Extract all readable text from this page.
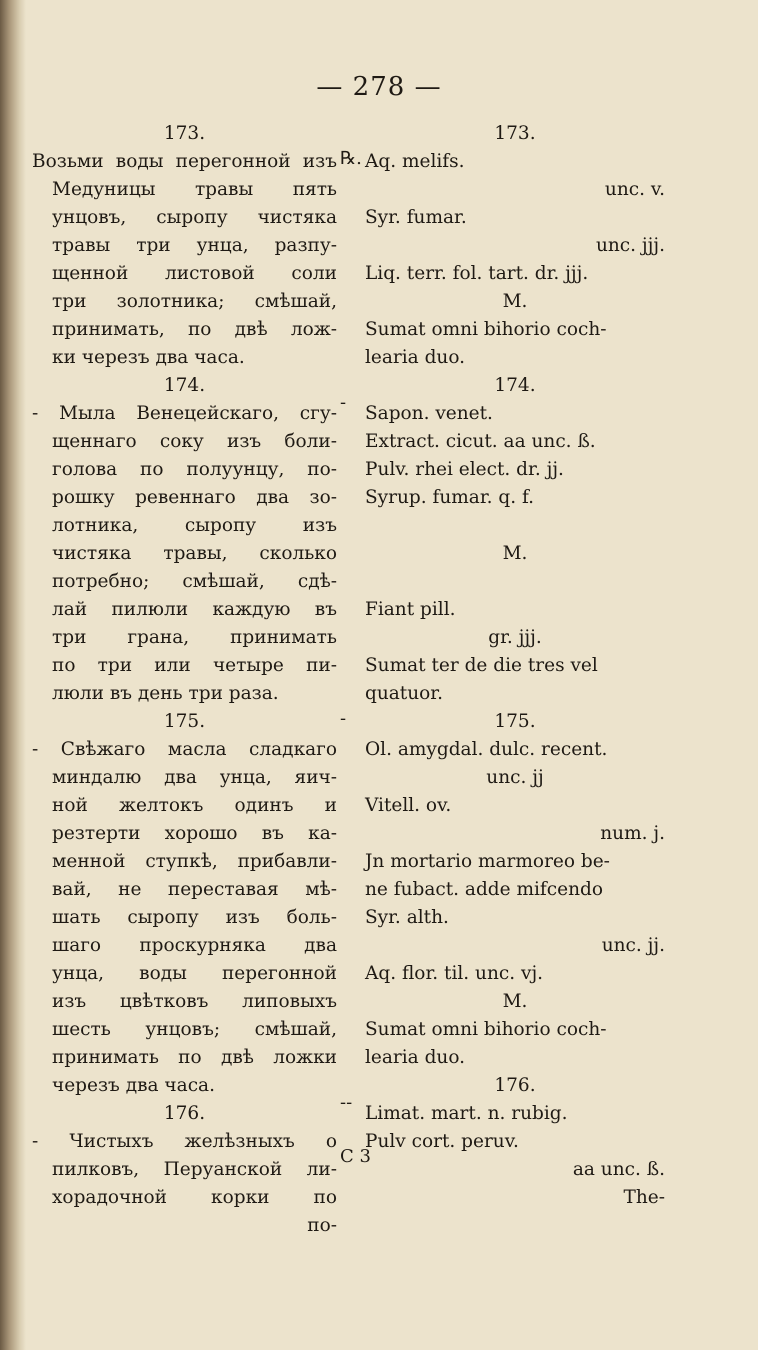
— 278 —
173.
Возьми воды перегонной изъ
Медуницы травы пять
унцовъ, сыропу чистяка
травы три унца, разпу-
щенной листовой соли
три золотника; смѣшай,
принимать, по двѣ лож-
ки черезъ два часа.
174.
- Мыла Венецейскаго, сгу-
щеннаго соку изъ боли-
голова по полуунцу, по-
рошку ревеннаго два зо-
лотника, сыропу изъ
чистяка травы, сколько
потребно; смѣшай, сдѣ-
лай пилюли каждую въ
три грана, принимать
по три или четыре пи-
люли въ день три раза.
175.
- Свѣжаго масла сладкаго
миндалю два унца, яич-
ной желтокъ одинъ и
резтерти хорошо въ ка-
менной ступкѣ, прибавли-
вай, не переставая мѣ-
шать сыропу изъ боль-
шаго проскурняка два
унца, воды перегонной
изъ цвѣтковъ липовыхъ
шесть унцовъ; смѣшай,
принимать по двѣ ложки
черезъ два часа.
176.
- Чистыхъ желѣзныхъ о
пилковъ, Перуанской ли-
хорадочной корки по
по-
℞.
-
-
--
173.
Aq. melifs.
unc. v.
Syr. fumar.
unc. jjj.
Liq. terr. fol. tart. dr. jjj.
M.
Sumat omni bihorio coch-
learia duo.
174.
Sapon. venet.
Extract. cicut. aa unc. ß.
Pulv. rhei elect. dr. jj.
Syrup. fumar. q. f.
M.
Fiant pill.
gr. jjj.
Sumat ter de die tres vel
quatuor.
175.
Ol. amygdal. dulc. recent.
unc. jj
Vitell. ov.
num. j.
Jn mortario marmoreo be-
ne fubact. adde mifcendo
Syr. alth.
unc. jj.
Aq. flor. til. unc. vj.
M.
Sumat omni bihorio coch-
learia duo.
176.
Limat. mart. n. rubig.
Pulv cort. peruv.
aa unc. ß.
The-
C 3
